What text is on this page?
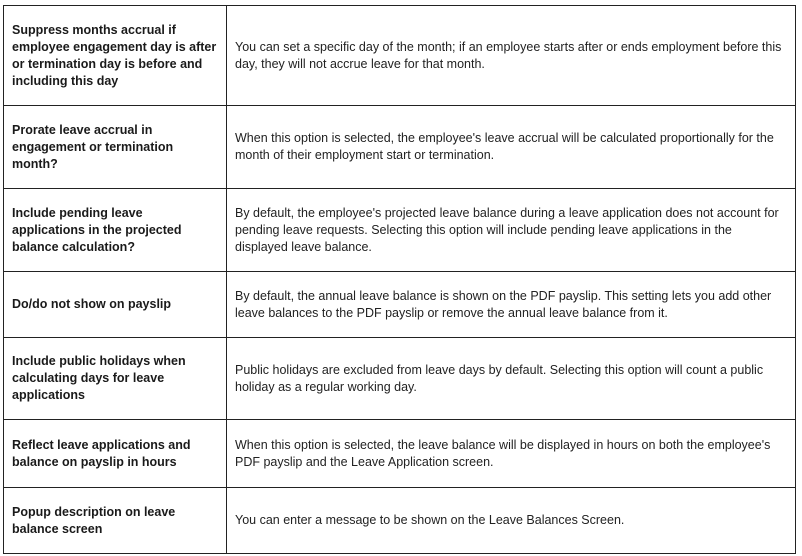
Suppress months accrual if employee engagement day is after or termination day is before and including this day	You can set a specific day of the month; if an employee starts after or ends employment before this day, they will not accrue leave for that month.
Prorate leave accrual in engagement or termination month?	When this option is selected, the employee's leave accrual will be calculated proportionally for the month of their employment start or termination.
Include pending leave applications in the projected balance calculation?	By default, the employee's projected leave balance during a leave application does not account for pending leave requests. Selecting this option will include pending leave applications in the displayed leave balance.
Do/do not show on payslip	By default, the annual leave balance is shown on the PDF payslip. This setting lets you add other leave balances to the PDF payslip or remove the annual leave balance from it.
Include public holidays when calculating days for leave applications	Public holidays are excluded from leave days by default. Selecting this option will count a public holiday as a regular working day.
Reflect leave applications and balance on payslip in hours	When this option is selected, the leave balance will be displayed in hours on both the employee's PDF payslip and the Leave Application screen.
Popup description on leave balance screen	You can enter a message to be shown on the Leave Balances Screen.
